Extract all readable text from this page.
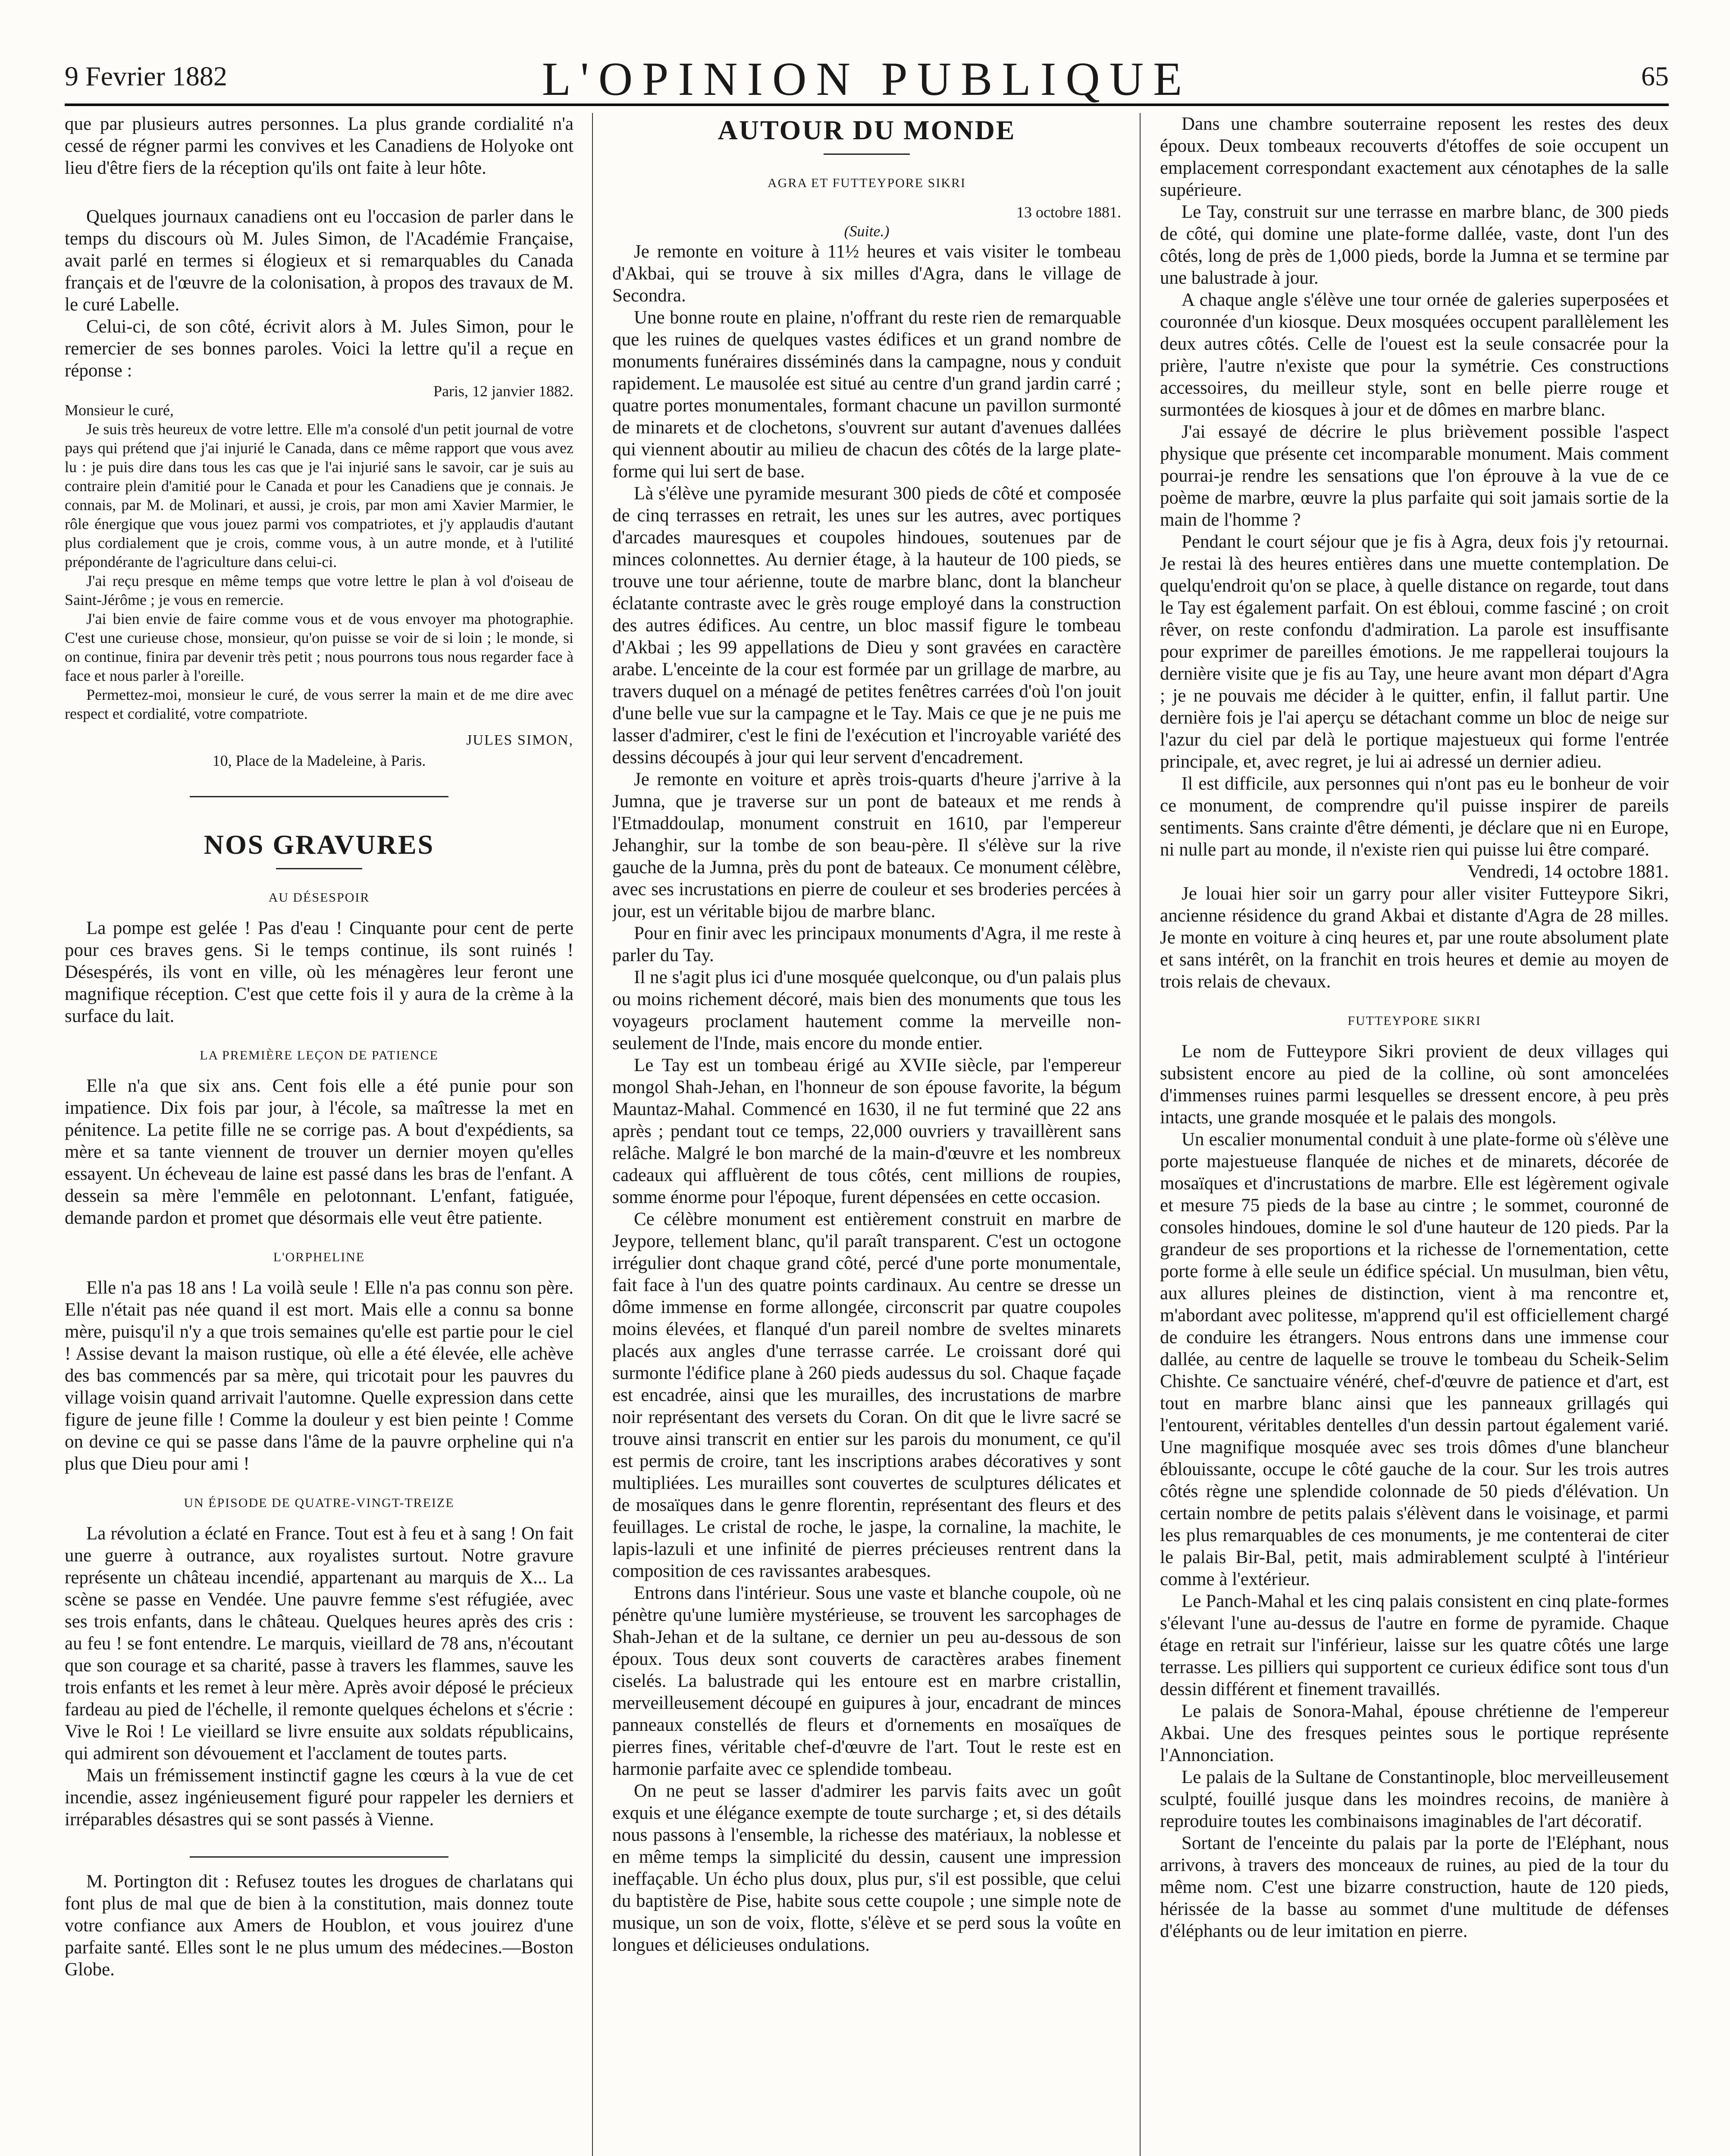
9 Fevrier 1882	L'OPINION PUBLIQUE	65

que par plusieurs autres personnes. La plus grande cordialité n'a cessé de régner parmi les convives et les Canadiens de Holyoke ont lieu d'être fiers de la réception qu'ils ont faite à leur hôte.

Quelques journaux canadiens ont eu l'occasion de parler dans le temps du discours où M. Jules Simon, de l'Académie Française, avait parlé en termes si élogieux et si remarquables du Canada français et de l'œuvre de la colonisation, à propos des travaux de M. le curé Labelle.

Celui-ci, de son côté, écrivit alors à M. Jules Simon, pour le remercier de ses bonnes paroles. Voici la lettre qu'il a reçue en réponse :

Paris, 12 janvier 1882.

Monsieur le curé,

Je suis très heureux de votre lettre. Elle m'a consolé d'un petit journal de votre pays qui prétend que j'ai injurié le Canada, dans ce même rapport que vous avez lu : je puis dire dans tous les cas que je l'ai injurié sans le savoir, car je suis au contraire plein d'amitié pour le Canada et pour les Canadiens que je connais. Je connais, par M. de Molinari, et aussi, je crois, par mon ami Xavier Marmier, le rôle énergique que vous jouez parmi vos compatriotes, et j'y applaudis d'autant plus cordialement que je crois, comme vous, à un autre monde, et à l'utilité prépondérante de l'agriculture dans celui-ci.

J'ai reçu presque en même temps que votre lettre le plan à vol d'oiseau de Saint-Jérôme ; je vous en remercie.

J'ai bien envie de faire comme vous et de vous envoyer ma photographie. C'est une curieuse chose, monsieur, qu'on puisse se voir de si loin ; le monde, si on continue, finira par devenir très petit ; nous pourrons tous nous regarder face à face et nous parler à l'oreille.

Permettez-moi, monsieur le curé, de vous serrer la main et de me dire avec respect et cordialité, votre compatriote.

JULES SIMON,

10, Place de la Madeleine, à Paris.

NOS GRAVURES
AU DÉSESPOIR

La pompe est gelée ! Pas d'eau ! Cinquante pour cent de perte pour ces braves gens. Si le temps continue, ils sont ruinés ! Désespérés, ils vont en ville, où les ménagères leur feront une magnifique réception. C'est que cette fois il y aura de la crème à la surface du lait.

LA PREMIÈRE LEÇON DE PATIENCE

Elle n'a que six ans. Cent fois elle a été punie pour son impatience. Dix fois par jour, à l'école, sa maîtresse la met en pénitence. La petite fille ne se corrige pas. A bout d'expédients, sa mère et sa tante viennent de trouver un dernier moyen qu'elles essayent. Un écheveau de laine est passé dans les bras de l'enfant. A dessein sa mère l'emmêle en pelotonnant. L'enfant, fatiguée, demande pardon et promet que désormais elle veut être patiente.

L'ORPHELINE

Elle n'a pas 18 ans ! La voilà seule ! Elle n'a pas connu son père. Elle n'était pas née quand il est mort. Mais elle a connu sa bonne mère, puisqu'il n'y a que trois semaines qu'elle est partie pour le ciel ! Assise devant la maison rustique, où elle a été élevée, elle achève des bas commencés par sa mère, qui tricotait pour les pauvres du village voisin quand arrivait l'automne. Quelle expression dans cette figure de jeune fille ! Comme la douleur y est bien peinte ! Comme on devine ce qui se passe dans l'âme de la pauvre orpheline qui n'a plus que Dieu pour ami !

UN ÉPISODE DE QUATRE-VINGT-TREIZE

La révolution a éclaté en France. Tout est à feu et à sang ! On fait une guerre à outrance, aux royalistes surtout. Notre gravure représente un château incendié, appartenant au marquis de X... La scène se passe en Vendée. Une pauvre femme s'est réfugiée, avec ses trois enfants, dans le château. Quelques heures après des cris : au feu ! se font entendre. Le marquis, vieillard de 78 ans, n'écoutant que son courage et sa charité, passe à travers les flammes, sauve les trois enfants et les remet à leur mère. Après avoir déposé le précieux fardeau au pied de l'échelle, il remonte quelques échelons et s'écrie : Vive le Roi ! Le vieillard se livre ensuite aux soldats républicains, qui admirent son dévouement et l'acclament de toutes parts.

Mais un frémissement instinctif gagne les cœurs à la vue de cet incendie, assez ingénieusement figuré pour rappeler les derniers et irréparables désastres qui se sont passés à Vienne.

M. Portington dit : Refusez toutes les drogues de charlatans qui font plus de mal que de bien à la constitution, mais donnez toute votre confiance aux Amers de Houblon, et vous jouirez d'une parfaite santé. Elles sont le ne plus umum des médecines.—Boston Globe.

AUTOUR DU MONDE
AGRA ET FUTTEYPORE SIKRI

13 octobre 1881.

(Suite.)

Je remonte en voiture à 11½ heures et vais visiter le tombeau d'Akbai, qui se trouve à six milles d'Agra, dans le village de Secondra.

Une bonne route en plaine, n'offrant du reste rien de remarquable que les ruines de quelques vastes édifices et un grand nombre de monuments funéraires disséminés dans la campagne, nous y conduit rapidement. Le mausolée est situé au centre d'un grand jardin carré ; quatre portes monumentales, formant chacune un pavillon surmonté de minarets et de clochetons, s'ouvrent sur autant d'avenues dallées qui viennent aboutir au milieu de chacun des côtés de la large plate-forme qui lui sert de base.

Là s'élève une pyramide mesurant 300 pieds de côté et composée de cinq terrasses en retrait, les unes sur les autres, avec portiques d'arcades mauresques et coupoles hindoues, soutenues par de minces colonnettes. Au dernier étage, à la hauteur de 100 pieds, se trouve une tour aérienne, toute de marbre blanc, dont la blancheur éclatante contraste avec le grès rouge employé dans la construction des autres édifices. Au centre, un bloc massif figure le tombeau d'Akbai ; les 99 appellations de Dieu y sont gravées en caractère arabe. L'enceinte de la cour est formée par un grillage de marbre, au travers duquel on a ménagé de petites fenêtres carrées d'où l'on jouit d'une belle vue sur la campagne et le Tay. Mais ce que je ne puis me lasser d'admirer, c'est le fini de l'exécution et l'incroyable variété des dessins découpés à jour qui leur servent d'encadrement.

Je remonte en voiture et après trois-quarts d'heure j'arrive à la Jumna, que je traverse sur un pont de bateaux et me rends à l'Etmaddoulap, monument construit en 1610, par l'empereur Jehanghir, sur la tombe de son beau-père. Il s'élève sur la rive gauche de la Jumna, près du pont de bateaux. Ce monument célèbre, avec ses incrustations en pierre de couleur et ses broderies percées à jour, est un véritable bijou de marbre blanc.

Pour en finir avec les principaux monuments d'Agra, il me reste à parler du Tay.

Il ne s'agit plus ici d'une mosquée quelconque, ou d'un palais plus ou moins richement décoré, mais bien des monuments que tous les voyageurs proclament hautement comme la merveille non-seulement de l'Inde, mais encore du monde entier.

Le Tay est un tombeau érigé au XVIIe siècle, par l'empereur mongol Shah-Jehan, en l'honneur de son épouse favorite, la bégum Mauntaz-Mahal. Commencé en 1630, il ne fut terminé que 22 ans après ; pendant tout ce temps, 22,000 ouvriers y travaillèrent sans relâche. Malgré le bon marché de la main-d'œuvre et les nombreux cadeaux qui affluèrent de tous côtés, cent millions de roupies, somme énorme pour l'époque, furent dépensées en cette occasion.

Ce célèbre monument est entièrement construit en marbre de Jeypore, tellement blanc, qu'il paraît transparent. C'est un octogone irrégulier dont chaque grand côté, percé d'une porte monumentale, fait face à l'un des quatre points cardinaux. Au centre se dresse un dôme immense en forme allongée, circonscrit par quatre coupoles moins élevées, et flanqué d'un pareil nombre de sveltes minarets placés aux angles d'une terrasse carrée. Le croissant doré qui surmonte l'édifice plane à 260 pieds audessus du sol. Chaque façade est encadrée, ainsi que les murailles, des incrustations de marbre noir représentant des versets du Coran. On dit que le livre sacré se trouve ainsi transcrit en entier sur les parois du monument, ce qu'il est permis de croire, tant les inscriptions arabes décoratives y sont multipliées. Les murailles sont couvertes de sculptures délicates et de mosaïques dans le genre florentin, représentant des fleurs et des feuillages. Le cristal de roche, le jaspe, la cornaline, la machite, le lapis-lazuli et une infinité de pierres précieuses rentrent dans la composition de ces ravissantes arabesques.

Entrons dans l'intérieur. Sous une vaste et blanche coupole, où ne pénètre qu'une lumière mystérieuse, se trouvent les sarcophages de Shah-Jehan et de la sultane, ce dernier un peu au-dessous de son époux. Tous deux sont couverts de caractères arabes finement ciselés. La balustrade qui les entoure est en marbre cristallin, merveilleusement découpé en guipures à jour, encadrant de minces panneaux constellés de fleurs et d'ornements en mosaïques de pierres fines, véritable chef-d'œuvre de l'art. Tout le reste est en harmonie parfaite avec ce splendide tombeau.

On ne peut se lasser d'admirer les parvis faits avec un goût exquis et une élégance exempte de toute surcharge ; et, si des détails nous passons à l'ensemble, la richesse des matériaux, la noblesse et en même temps la simplicité du dessin, causent une impression ineffaçable. Un écho plus doux, plus pur, s'il est possible, que celui du baptistère de Pise, habite sous cette coupole ; une simple note de musique, un son de voix, flotte, s'élève et se perd sous la voûte en longues et délicieuses ondulations.

Dans une chambre souterraine reposent les restes des deux époux. Deux tombeaux recouverts d'étoffes de soie occupent un emplacement correspondant exactement aux cénotaphes de la salle supérieure.

Le Tay, construit sur une terrasse en marbre blanc, de 300 pieds de côté, qui domine une plate-forme dallée, vaste, dont l'un des côtés, long de près de 1,000 pieds, borde la Jumna et se termine par une balustrade à jour.

A chaque angle s'élève une tour ornée de galeries superposées et couronnée d'un kiosque. Deux mosquées occupent parallèlement les deux autres côtés. Celle de l'ouest est la seule consacrée pour la prière, l'autre n'existe que pour la symétrie. Ces constructions accessoires, du meilleur style, sont en belle pierre rouge et surmontées de kiosques à jour et de dômes en marbre blanc.

J'ai essayé de décrire le plus brièvement possible l'aspect physique que présente cet incomparable monument. Mais comment pourrai-je rendre les sensations que l'on éprouve à la vue de ce poème de marbre, œuvre la plus parfaite qui soit jamais sortie de la main de l'homme ?

Pendant le court séjour que je fis à Agra, deux fois j'y retournai. Je restai là des heures entières dans une muette contemplation. De quelqu'endroit qu'on se place, à quelle distance on regarde, tout dans le Tay est également parfait. On est ébloui, comme fasciné ; on croit rêver, on reste confondu d'admiration. La parole est insuffisante pour exprimer de pareilles émotions. Je me rappellerai toujours la dernière visite que je fis au Tay, une heure avant mon départ d'Agra ; je ne pouvais me décider à le quitter, enfin, il fallut partir. Une dernière fois je l'ai aperçu se détachant comme un bloc de neige sur l'azur du ciel par delà le portique majestueux qui forme l'entrée principale, et, avec regret, je lui ai adressé un dernier adieu.

Il est difficile, aux personnes qui n'ont pas eu le bonheur de voir ce monument, de comprendre qu'il puisse inspirer de pareils sentiments. Sans crainte d'être démenti, je déclare que ni en Europe, ni nulle part au monde, il n'existe rien qui puisse lui être comparé.

Vendredi, 14 octobre 1881.

Je louai hier soir un garry pour aller visiter Futteypore Sikri, ancienne résidence du grand Akbai et distante d'Agra de 28 milles. Je monte en voiture à cinq heures et, par une route absolument plate et sans intérêt, on la franchit en trois heures et demie au moyen de trois relais de chevaux.

FUTTEYPORE SIKRI

Le nom de Futteypore Sikri provient de deux villages qui subsistent encore au pied de la colline, où sont amoncelées d'immenses ruines parmi lesquelles se dressent encore, à peu près intacts, une grande mosquée et le palais des mongols.

Un escalier monumental conduit à une plate-forme où s'élève une porte majestueuse flanquée de niches et de minarets, décorée de mosaïques et d'incrustations de marbre. Elle est légèrement ogivale et mesure 75 pieds de la base au cintre ; le sommet, couronné de consoles hindoues, domine le sol d'une hauteur de 120 pieds. Par la grandeur de ses proportions et la richesse de l'ornementation, cette porte forme à elle seule un édifice spécial. Un musulman, bien vêtu, aux allures pleines de distinction, vient à ma rencontre et, m'abordant avec politesse, m'apprend qu'il est officiellement chargé de conduire les étrangers. Nous entrons dans une immense cour dallée, au centre de laquelle se trouve le tombeau du Scheik-Selim Chishte. Ce sanctuaire vénéré, chef-d'œuvre de patience et d'art, est tout en marbre blanc ainsi que les panneaux grillagés qui l'entourent, véritables dentelles d'un dessin partout également varié. Une magnifique mosquée avec ses trois dômes d'une blancheur éblouissante, occupe le côté gauche de la cour. Sur les trois autres côtés règne une splendide colonnade de 50 pieds d'élévation. Un certain nombre de petits palais s'élèvent dans le voisinage, et parmi les plus remarquables de ces monuments, je me contenterai de citer le palais Bir-Bal, petit, mais admirablement sculpté à l'intérieur comme à l'extérieur.

Le Panch-Mahal et les cinq palais consistent en cinq plate-formes s'élevant l'une au-dessus de l'autre en forme de pyramide. Chaque étage en retrait sur l'inférieur, laisse sur les quatre côtés une large terrasse. Les pilliers qui supportent ce curieux édifice sont tous d'un dessin différent et finement travaillés.

Le palais de Sonora-Mahal, épouse chrétienne de l'empereur Akbai. Une des fresques peintes sous le portique représente l'Annonciation.

Le palais de la Sultane de Constantinople, bloc merveilleusement sculpté, fouillé jusque dans les moindres recoins, de manière à reproduire toutes les combinaisons imaginables de l'art décoratif.

Sortant de l'enceinte du palais par la porte de l'Eléphant, nous arrivons, à travers des monceaux de ruines, au pied de la tour du même nom. C'est une bizarre construction, haute de 120 pieds, hérissée de la basse au sommet d'une multitude de défenses d'éléphants ou de leur imitation en pierre.
